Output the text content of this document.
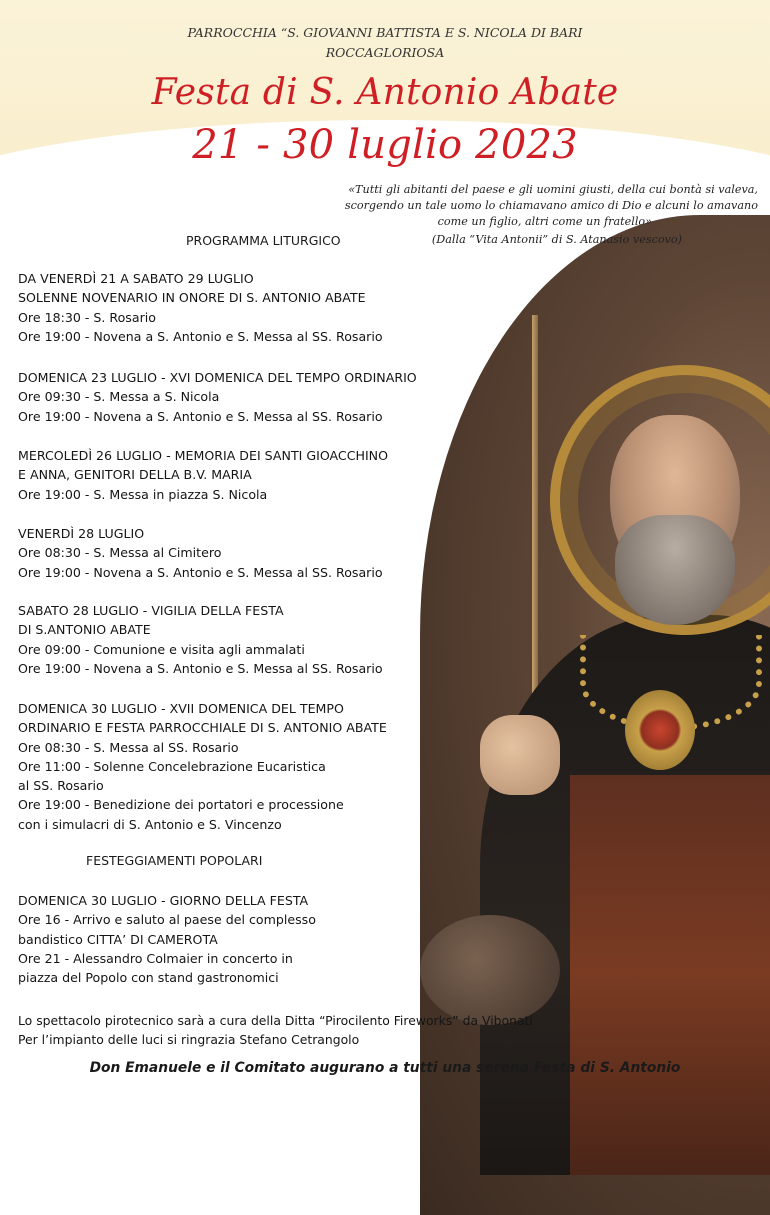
PARROCCHIA “S. GIOVANNI BATTISTA E S. NICOLA DI BARI
ROCCAGLORIOSA
Festa di S. Antonio Abate
21 - 30 luglio 2023
«Tutti gli abitanti del paese e gli uomini giusti, della cui bontà si valeva,
scorgendo un tale uomo lo chiamavano amico di Dio e alcuni lo amavano
come un figlio, altri come un fratello»
(Dalla “Vita Antonii” di S. Atanasio vescovo)
PROGRAMMA LITURGICO
DA VENERDÌ 21 A SABATO 29 LUGLIO
SOLENNE NOVENARIO IN ONORE DI S. ANTONIO ABATE
Ore 18:30 - S. Rosario
Ore 19:00 - Novena a S. Antonio e S. Messa al SS. Rosario
DOMENICA 23 LUGLIO - XVI DOMENICA DEL TEMPO ORDINARIO
Ore 09:30 - S. Messa a S. Nicola
Ore 19:00 - Novena a S. Antonio e S. Messa al SS. Rosario
MERCOLEDÌ 26 LUGLIO - MEMORIA DEI SANTI GIOACCHINO
E ANNA, GENITORI DELLA B.V. MARIA
Ore 19:00 - S. Messa in piazza S. Nicola
VENERDÌ 28 LUGLIO
Ore 08:30 - S. Messa al Cimitero
Ore 19:00 - Novena a S. Antonio e S. Messa al SS. Rosario
SABATO 28 LUGLIO - VIGILIA DELLA FESTA
DI S.ANTONIO ABATE
Ore 09:00 - Comunione e visita agli ammalati
Ore 19:00 - Novena a S. Antonio e S. Messa al SS. Rosario
DOMENICA 30 LUGLIO - XVII DOMENICA DEL TEMPO
ORDINARIO E FESTA PARROCCHIALE DI S. ANTONIO ABATE
Ore 08:30 - S. Messa al SS. Rosario
Ore 11:00 - Solenne Concelebrazione Eucaristica
al SS. Rosario
Ore 19:00 - Benedizione dei portatori e processione
con i simulacri di S. Antonio e S. Vincenzo
FESTEGGIAMENTI POPOLARI
DOMENICA 30 LUGLIO - GIORNO DELLA FESTA
Ore 16 - Arrivo e saluto al paese del complesso
bandistico CITTA’ DI CAMEROTA
Ore 21 - Alessandro Colmaier in concerto in
piazza del Popolo con stand gastronomici
Lo spettacolo pirotecnico sarà a cura della Ditta “Pirocilento Fireworks” da Vibonati
Per l’impianto delle luci si ringrazia Stefano Cetrangolo
Don Emanuele e il Comitato augurano a tutti una serena Festa di S. Antonio
